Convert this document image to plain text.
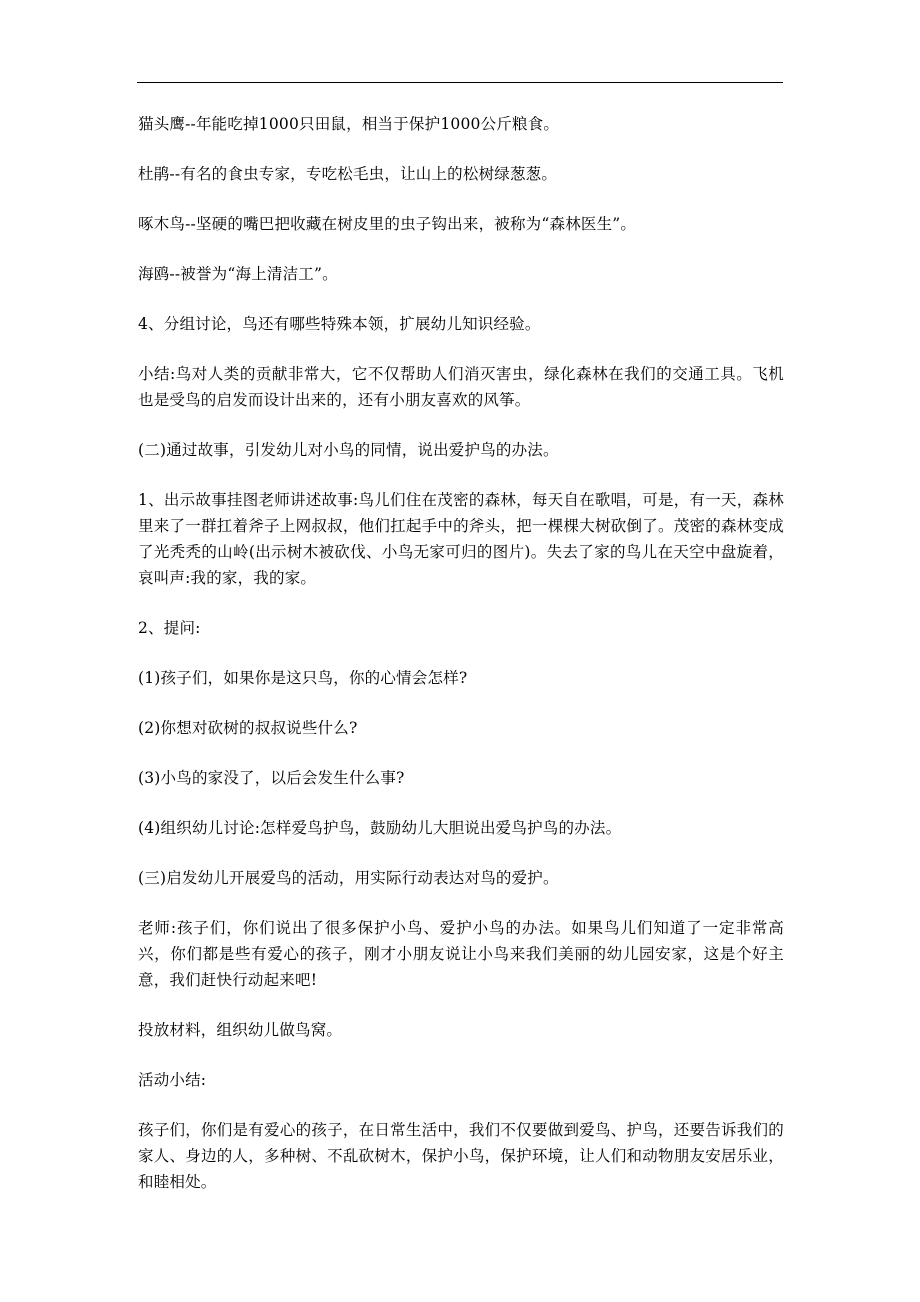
猫头鹰--年能吃掉1000只田鼠，相当于保护1000公斤粮食。

杜鹃--有名的食虫专家，专吃松毛虫，让山上的松树绿葱葱。

啄木鸟--坚硬的嘴巴把收藏在树皮里的虫子钩出来，被称为“森林医生”。

海鸥--被誉为“海上清洁工”。

4、分组讨论，鸟还有哪些特殊本领，扩展幼儿知识经验。

小结:鸟对人类的贡献非常大，它不仅帮助人们消灭害虫，绿化森林在我们的交通工具。飞机也是受鸟的启发而设计出来的，还有小朋友喜欢的风筝。

(二)通过故事，引发幼儿对小鸟的同情，说出爱护鸟的办法。

1、出示故事挂图老师讲述故事:鸟儿们住在茂密的森林，每天自在歌唱，可是，有一天，森林里来了一群扛着斧子上网叔叔，他们扛起手中的斧头，把一棵棵大树砍倒了。茂密的森林变成了光秃秃的山岭(出示树木被砍伐、小鸟无家可归的图片)。失去了家的鸟儿在天空中盘旋着，哀叫声:我的家，我的家。

2、提问:

(1)孩子们，如果你是这只鸟，你的心情会怎样?

(2)你想对砍树的叔叔说些什么?

(3)小鸟的家没了，以后会发生什么事?

(4)组织幼儿讨论:怎样爱鸟护鸟，鼓励幼儿大胆说出爱鸟护鸟的办法。

(三)启发幼儿开展爱鸟的活动，用实际行动表达对鸟的爱护。

老师:孩子们，你们说出了很多保护小鸟、爱护小鸟的办法。如果鸟儿们知道了一定非常高兴，你们都是些有爱心的孩子，刚才小朋友说让小鸟来我们美丽的幼儿园安家，这是个好主意，我们赶快行动起来吧!

投放材料，组织幼儿做鸟窝。

活动小结:

孩子们，你们是有爱心的孩子，在日常生活中，我们不仅要做到爱鸟、护鸟，还要告诉我们的家人、身边的人，多种树、不乱砍树木，保护小鸟，保护环境，让人们和动物朋友安居乐业，和睦相处。
